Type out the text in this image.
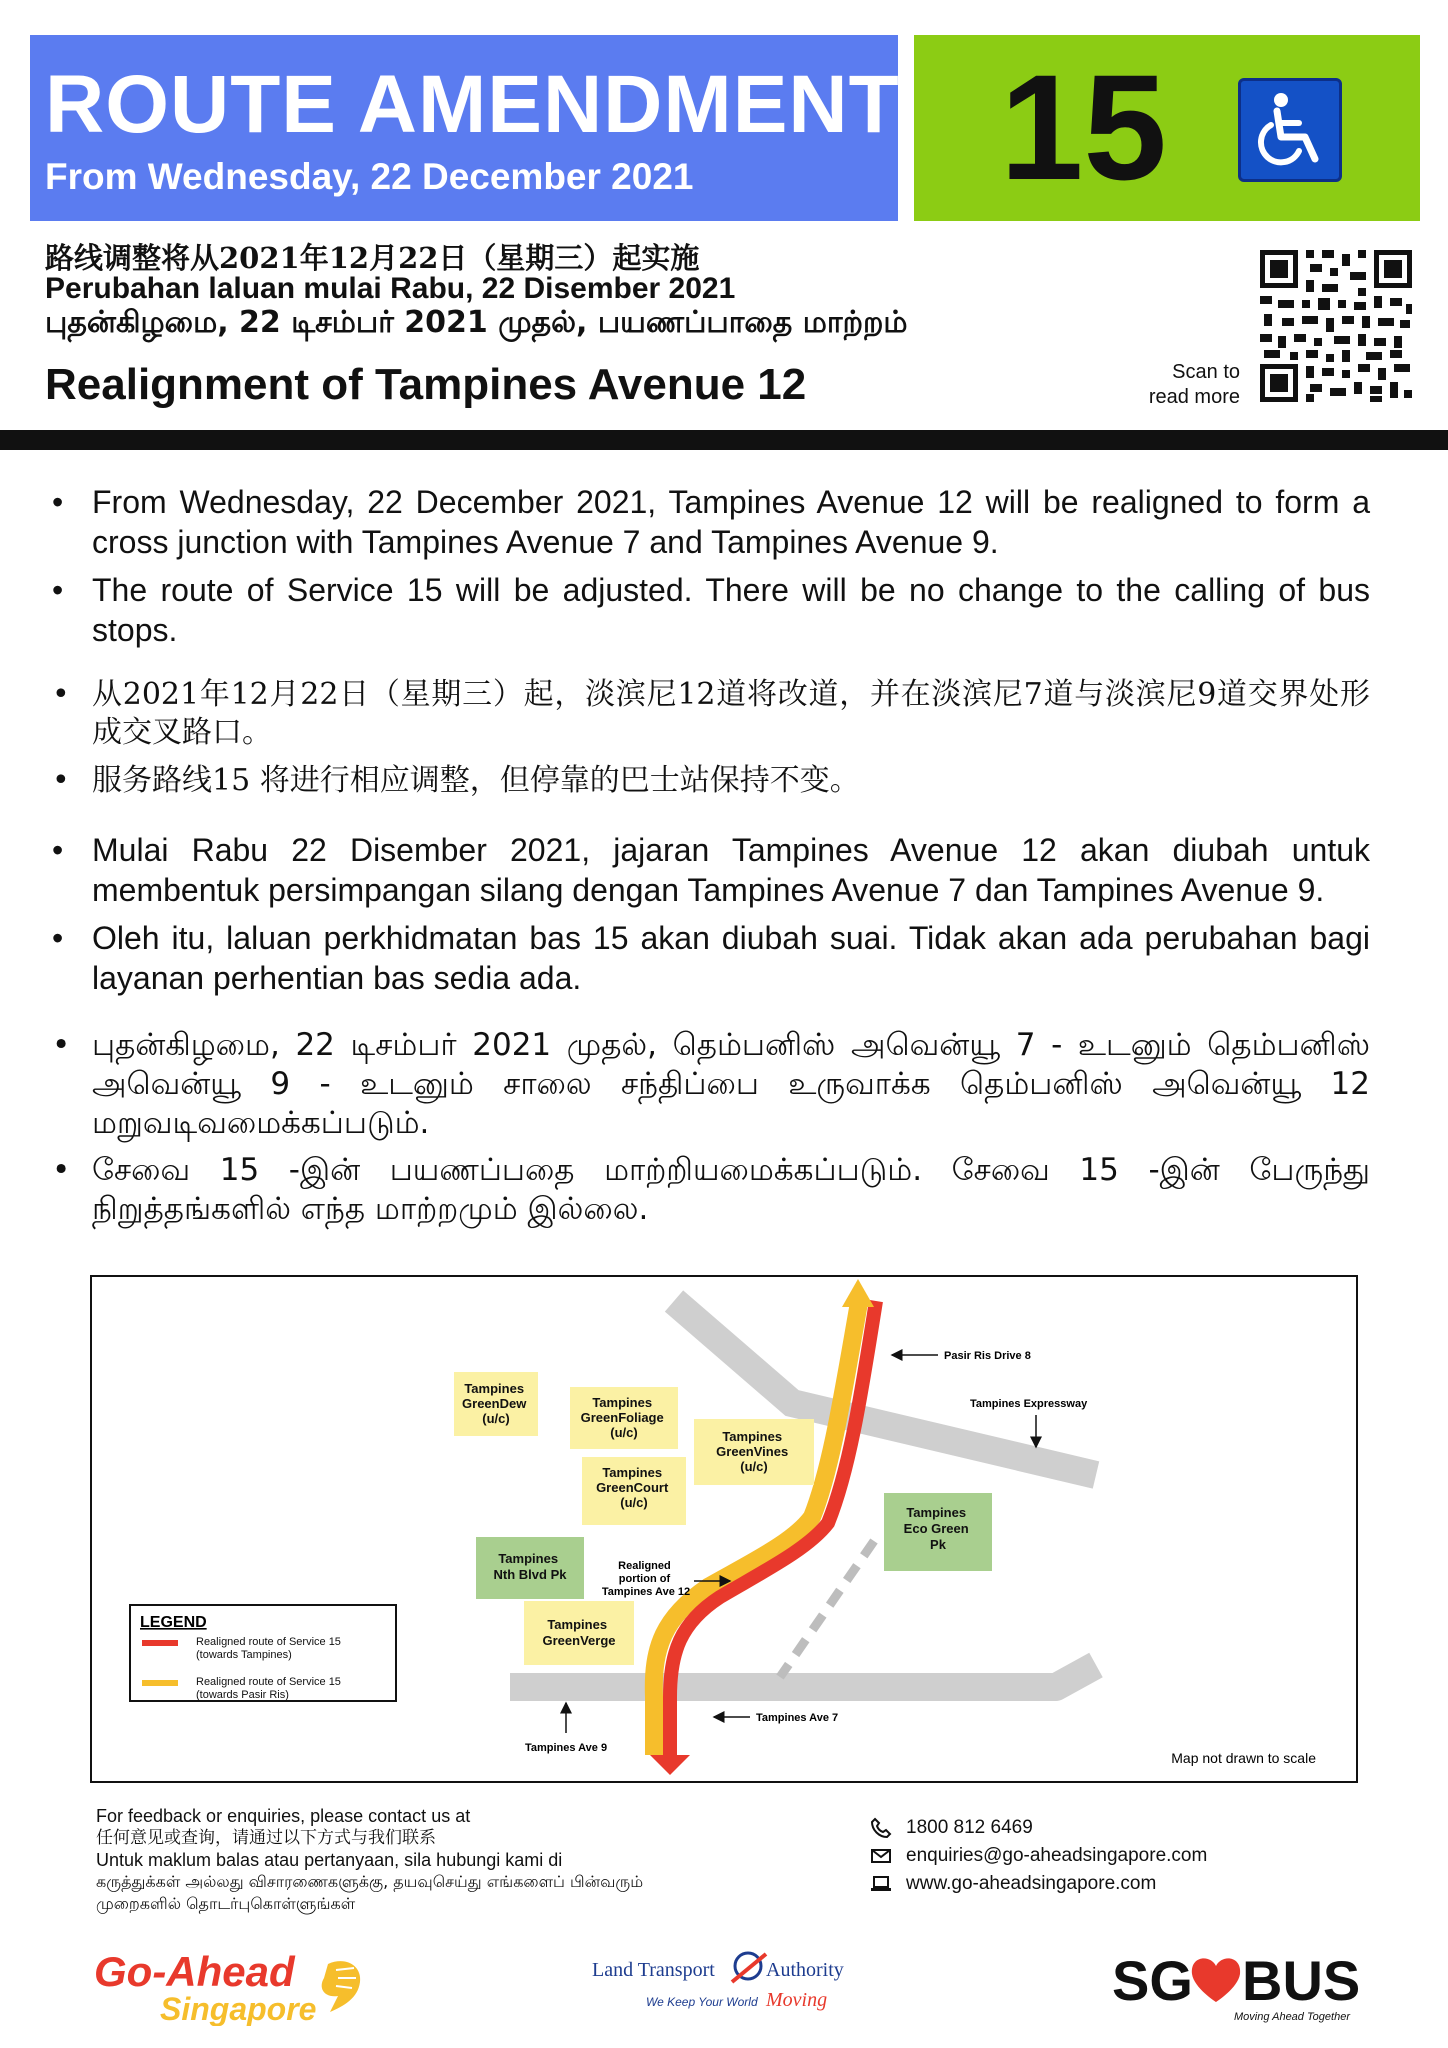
ROUTE AMENDMENT
From Wednesday, 22 December 2021 15
路线调整将从2021年12月22日（星期三）起实施
Perubahan laluan mulai Rabu, 22 Disember 2021
புதன்கிழமை, 22 டிசம்பர் 2021 முதல், பயணப்பாதை மாற்றம்
Realignment of Tampines Avenue 12	Scan to
read more

• From Wednesday, 22 December 2021, Tampines Avenue 12 will be realigned to form a cross junction with Tampines Avenue 7 and Tampines Avenue 9.

• The route of Service 15 will be adjusted. There will be no change to the calling of bus stops.

• 从2021年12月22日（星期三）起，淡滨尼12道将改道，并在淡滨尼7道与淡滨尼9道交界处形成交叉路口。

• 服务路线15 将进行相应调整，但停靠的巴士站保持不变。

• Mulai Rabu 22 Disember 2021, jajaran Tampines Avenue 12 akan diubah untuk membentuk persimpangan silang dengan Tampines Avenue 7 dan Tampines Avenue 9.

• Oleh itu, laluan perkhidmatan bas 15 akan diubah suai. Tidak akan ada perubahan bagi layanan perhentian bas sedia ada.

• புதன்கிழமை, 22 டிசம்பர் 2021 முதல், தெம்பனிஸ் அவென்யூ 7 - உடனும் தெம்பனிஸ் அவென்யூ 9 - உடனும் சாலை சந்திப்பை உருவாக்க தெம்பனிஸ் அவென்யூ 12 மறுவடிவமைக்கப்படும்.

• சேவை 15 -இன் பயணப்பதை மாற்றியமைக்கப்படும். சேவை 15 -இன் பேருந்து நிறுத்தங்களில் எந்த மாற்றமும் இல்லை.

Tampines GreenDew (u/c)
Tampines GreenFoliage (u/c)	Tampines GreenVines (u/c)
Tampines GreenCourt (u/c)
Tampines Nth Blvd Pk
Tampines GreenVerge
Tampines Eco Green Pk
Pasir Ris Drive 8
Tampines Expressway
Realigned portion of Tampines Ave 12
Tampines Ave 7
Tampines Ave 9
LEGEND
Realigned route of Service 15 (towards Tampines)
Realigned route of Service 15 (towards Pasir Ris)
Map not drawn to scale
For feedback or enquiries, please contact us at
任何意见或查询，请通过以下方式与我们联系
Untuk maklum balas atau pertanyaan, sila hubungi kami di
கருத்துக்கள் அல்லது விசாரணைகளுக்கு, தயவுசெய்து எங்களைப் பின்வரும்
முறைகளில் தொடர்புகொள்ளுங்கள்
1800 812 6469
enquiries@go-aheadsingapore.com
www.go-aheadsingapore.com
Go-Ahead
Singapore
Land Transport	Authority
We Keep Your World Moving	SG BUS
Moving Ahead Together
